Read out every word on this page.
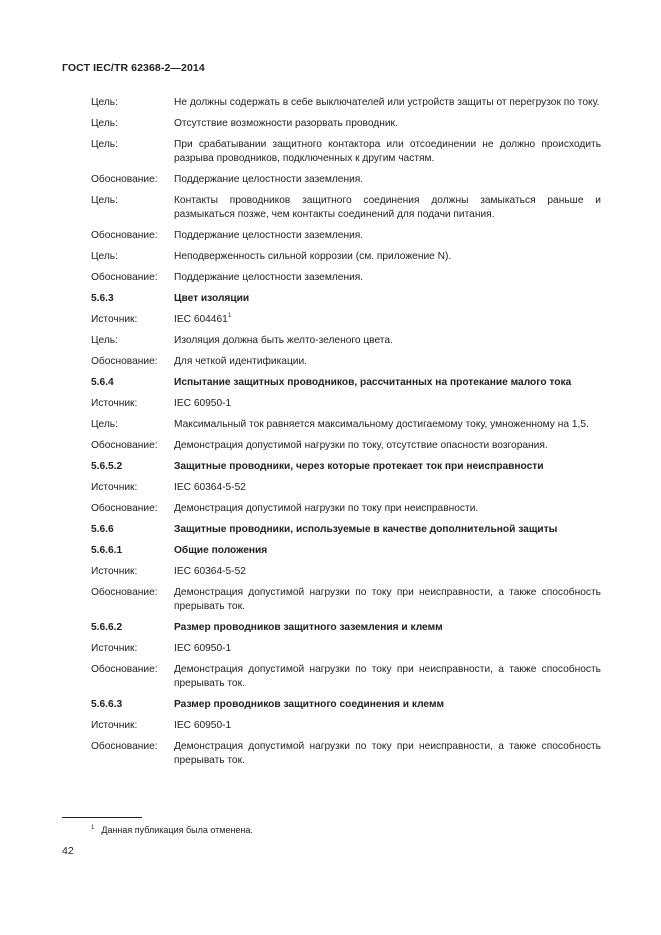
ГОСТ IEC/TR 62368-2—2014
Цель:	Не должны содержать в себе выключателей или устройств защиты от перегрузок по току.
Цель:	Отсутствие возможности разорвать проводник.
Цель:	При срабатывании защитного контактора или отсоединении не должно происходить разрыва проводников, подключенных к другим частям.
Обоснование:	Поддержание целостности заземления.
Цель:	Контакты проводников защитного соединения должны замыкаться раньше и размыкаться позже, чем контакты соединений для подачи питания.
Обоснование:	Поддержание целостности заземления.
Цель:	Неподверженность сильной коррозии (см. приложение N).
Обоснование:	Поддержание целостности заземления.
5.6.3	Цвет изоляции
Источник:	IEC 604461$^1$
Цель:	Изоляция должна быть желто-зеленого цвета.
Обоснование:	Для четкой идентификации.
5.6.4	Испытание защитных проводников, рассчитанных на протекание малого тока
Источник:	IEC 60950-1
Цель:	Максимальный ток равняется максимальному достигаемому току, умноженному на 1,5.
Обоснование:	Демонстрация допустимой нагрузки по току, отсутствие опасности возгорания.
5.6.5.2	Защитные проводники, через которые протекает ток при неисправности
Источник:	IEC 60364-5-52
Обоснование:	Демонстрация допустимой нагрузки по току при неисправности.
5.6.6	Защитные проводники, используемые в качестве дополнительной защиты
5.6.6.1	Общие положения
Источник:	IEC 60364-5-52
Обоснование:	Демонстрация допустимой нагрузки по току при неисправности, а также способность прерывать ток.
5.6.6.2	Размер проводников защитного заземления и клемм
Источник:	IEC 60950-1
Обоснование:	Демонстрация допустимой нагрузки по току при неисправности, а также способность прерывать ток.
5.6.6.3	Размер проводников защитного соединения и клемм
Источник:	IEC 60950-1
Обоснование:	Демонстрация допустимой нагрузки по току при неисправности, а также способность прерывать ток.
$^1$ Данная публикация была отменена.
42
